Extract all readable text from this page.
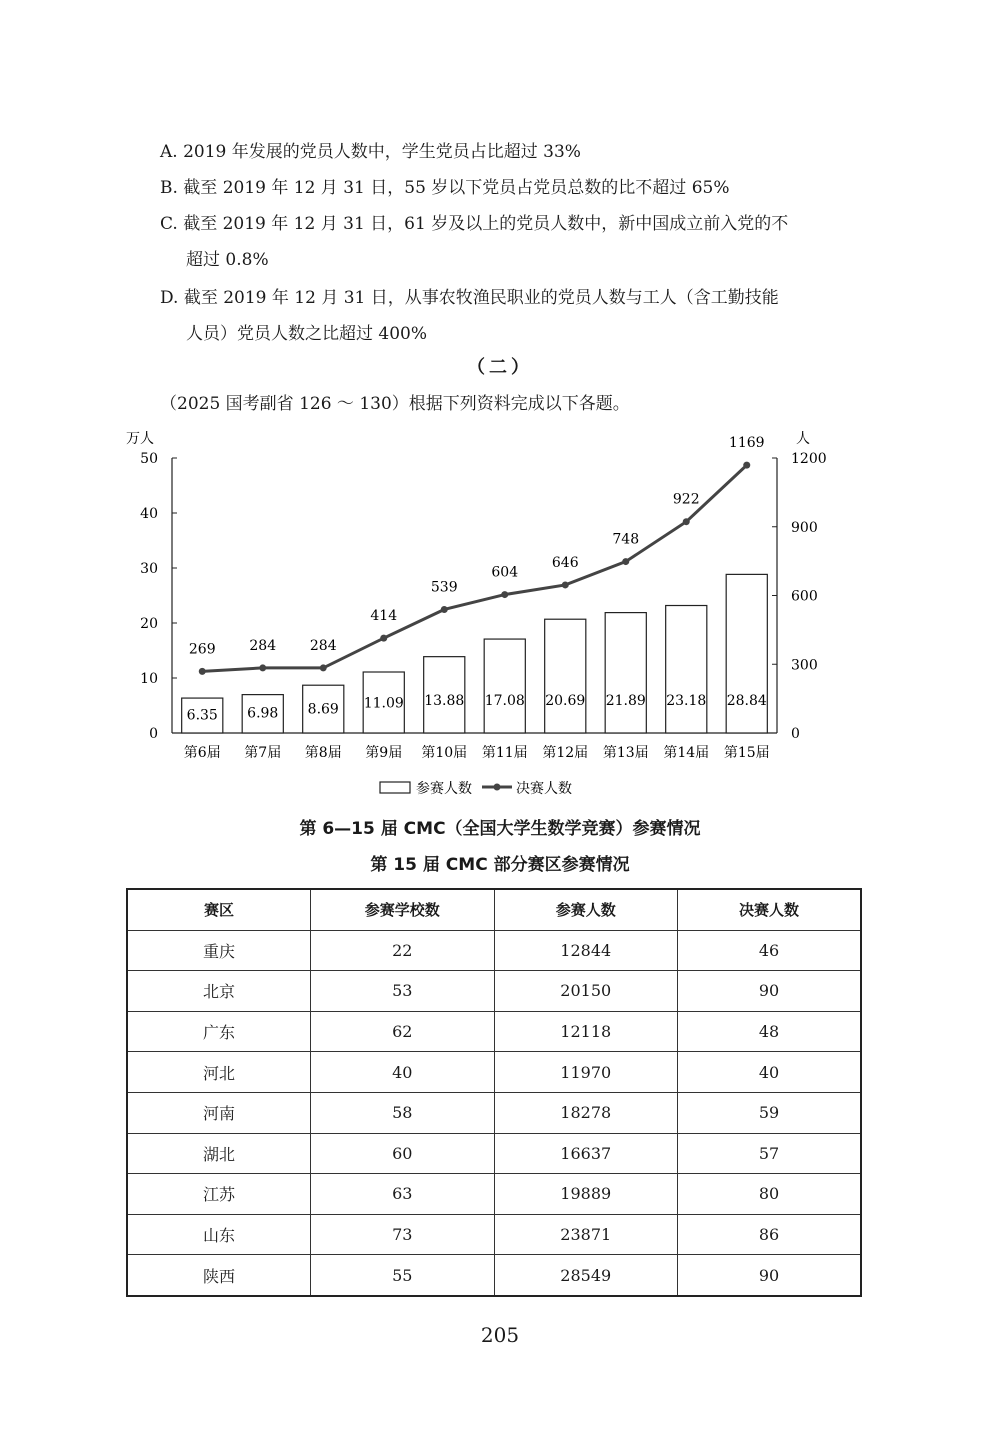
A. 2019 年发展的党员人数中，学生党员占比超过 33%
B. 截至 2019 年 12 月 31 日，55 岁以下党员占党员总数的比不超过 65%
C. 截至 2019 年 12 月 31 日，61 岁及以上的党员人数中，新中国成立前入党的不
超过 0.8%
D. 截至 2019 年 12 月 31 日，从事农牧渔民职业的党员人数与工人（含工勤技能
人员）党员人数之比超过 400%
（二）
（2025 国考副省 126 ～ 130）根据下列资料完成以下各题。
万人	人
0
10
20
30
40
50
0
300
600
900
1200
第6届 第7届 第8届 第9届 第10届 第11届 第12届 第13届 第14届 第15届
6.35 6.98 8.69 11.09 13.88 17.08 20.69 21.89 23.18 28.84
269 284 284
414
539
604
646
748
922
1169
参赛人数	决赛人数
第 6—15 届 CMC（全国大学生数学竞赛）参赛情况
第 15 届 CMC 部分赛区参赛情况
赛区	参赛学校数	参赛人数	决赛人数
重庆	22	12844	46
北京	53	20150	90
广东	62	12118	48
河北	40	11970	40
河南	58	18278	59
湖北	60	16637	57
江苏	63	19889	80
山东	73	23871	86
陕西	55	28549	90
205
